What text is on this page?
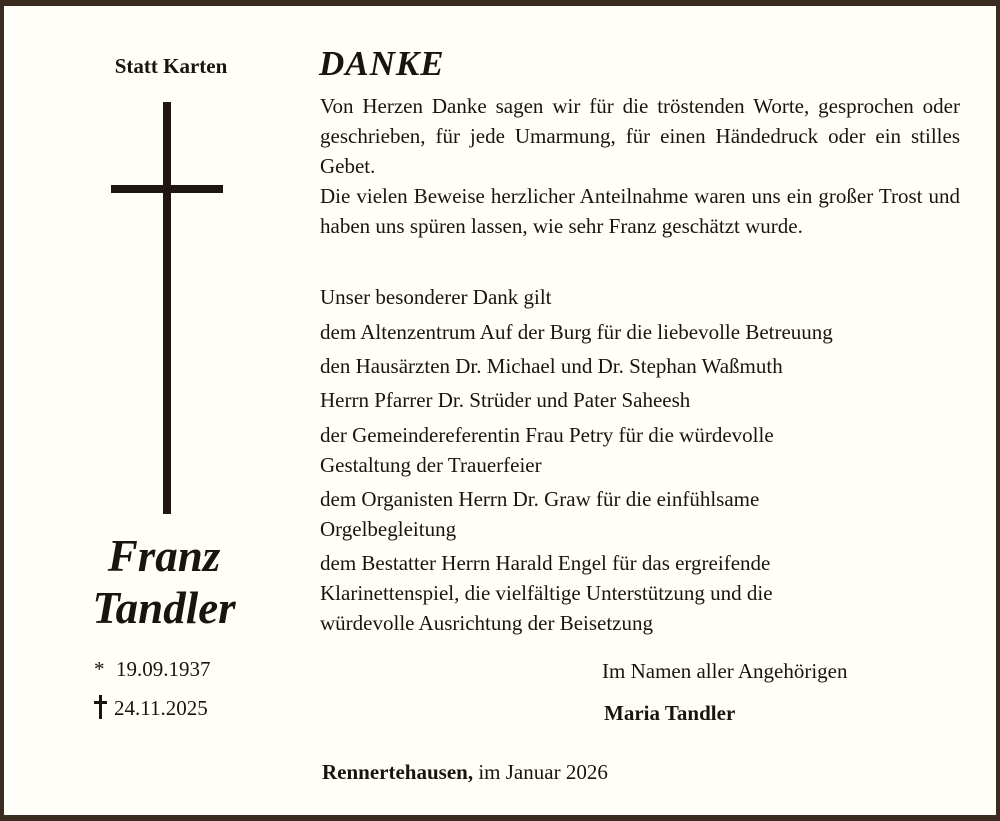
Statt Karten
Franz
Tandler
* 19.09.1937
24.11.2025
DANKE
Von Herzen Danke sagen wir für die tröstenden Worte, gesprochen oder geschrieben, für jede Umarmung, für einen Händedruck oder ein stilles Gebet.
Die vielen Beweise herzlicher Anteilnahme waren uns ein großer Trost und haben uns spüren lassen, wie sehr Franz geschätzt wurde.
Unser besonderer Dank gilt
dem Altenzentrum Auf der Burg für die liebevolle Betreuung
den Hausärzten Dr. Michael und Dr. Stephan Waßmuth
Herrn Pfarrer Dr. Strüder und Pater Saheesh
der Gemeindereferentin Frau Petry für die würdevolle
Gestaltung der Trauerfeier
dem Organisten Herrn Dr. Graw für die einfühlsame
Orgelbegleitung
dem Bestatter Herrn Harald Engel für das ergreifende
Klarinettenspiel, die vielfältige Unterstützung und die
würdevolle Ausrichtung der Beisetzung
Im Namen aller Angehörigen
Maria Tandler
Rennertehausen, im Januar 2026
